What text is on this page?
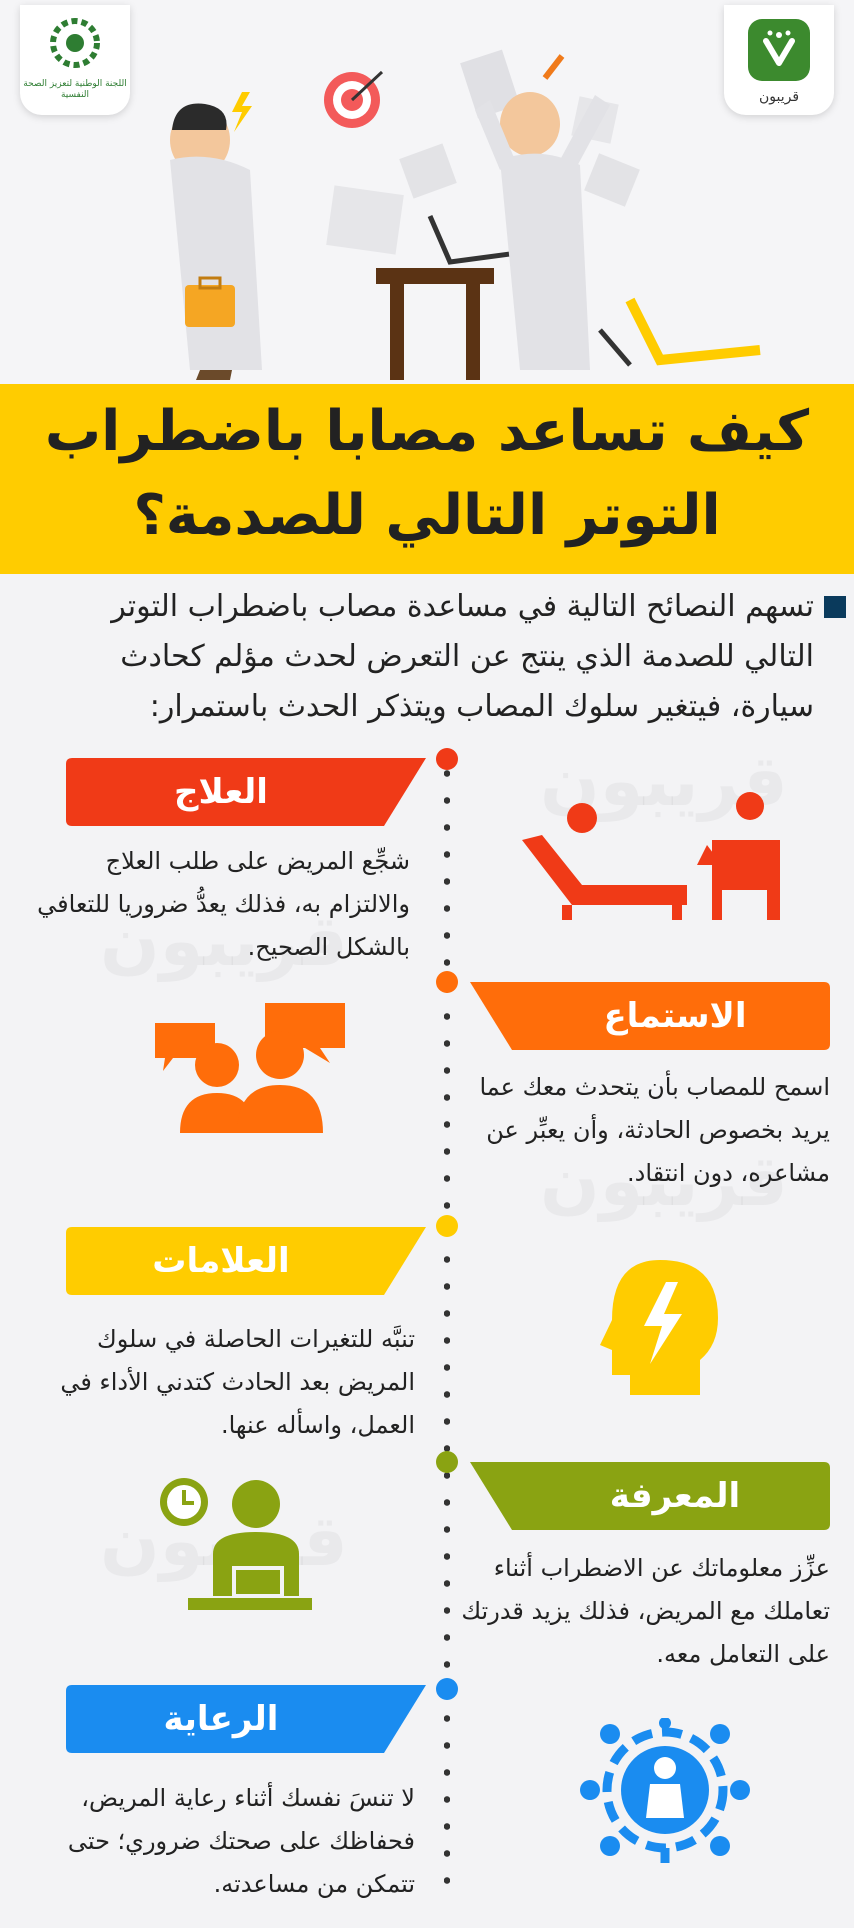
اللجنة الوطنية لتعزيز الصحة النفسية	قريبون
كيف تساعد مصابا باضطراب التوتر التالي للصدمة؟
تسهم النصائح التالية في مساعدة مصاب باضطراب التوتر التالي للصدمة الذي ينتج عن التعرض لحدث مؤلم كحادث سيارة، فيتغير سلوك المصاب ويتذكر الحدث باستمرار:
العلاج
شجِّع المريض على طلب العلاج والالتزام به، فذلك يعدُّ ضروريا للتعافي بالشكل الصحيح.
الاستماع
اسمح للمصاب بأن يتحدث معك عما يريد بخصوص الحادثة، وأن يعبِّر عن مشاعره، دون انتقاد.
العلامات
تنبَّه للتغيرات الحاصلة في سلوك المريض بعد الحادث كتدني الأداء في العمل، واسأله عنها.
المعرفة
عزِّز معلوماتك عن الاضطراب أثناء تعاملك مع المريض، فذلك يزيد قدرتك على التعامل معه.
الرعاية
لا تنسَ نفسك أثناء رعاية المريض، فحفاظك على صحتك ضروري؛ حتى تتمكن من مساعدته.
